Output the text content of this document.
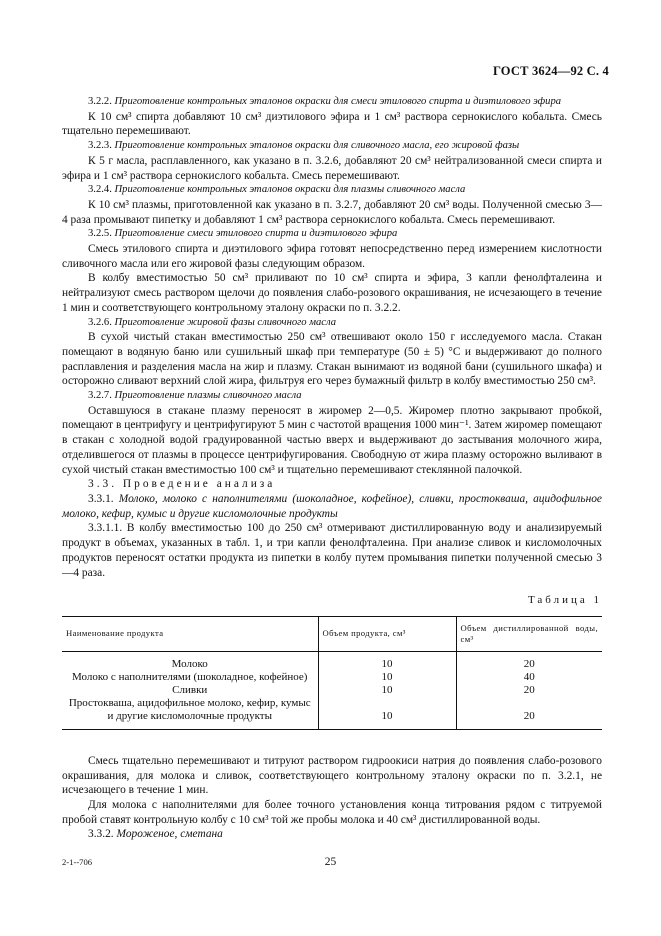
ГОСТ 3624—92 С. 4

3.2.2. Приготовление контрольных эталонов окраски для смеси этилового спирта и диэтилового эфира

К 10 см³ спирта добавляют 10 см³ диэтилового эфира и 1 см³ раствора сернокислого кобальта. Смесь тщательно перемешивают.

3.2.3. Приготовление контрольных эталонов окраски для сливочного масла, его жировой фазы

К 5 г масла, расплавленного, как указано в п. 3.2.6, добавляют 20 см³ нейтрализованной смеси спирта и эфира и 1 см³ раствора сернокислого кобальта. Смесь перемешивают.

3.2.4. Приготовление контрольных эталонов окраски для плазмы сливочного масла

К 10 см³ плазмы, приготовленной как указано в п. 3.2.7, добавляют 20 см³ воды. Полученной смесью 3—4 раза промывают пипетку и добавляют 1 см³ раствора сернокислого кобальта. Смесь перемешивают.

3.2.5. Приготовление смеси этилового спирта и диэтилового эфира

Смесь этилового спирта и диэтилового эфира готовят непосредственно перед измерением кислотности сливочного масла или его жировой фазы следующим образом.

В колбу вместимостью 50 см³ приливают по 10 см³ спирта и эфира, 3 капли фенолфталеина и нейтрализуют смесь раствором щелочи до появления слабо-розового окрашивания, не исчезающего в течение 1 мин и соответствующего контрольному эталону окраски по п. 3.2.2.

3.2.6. Приготовление жировой фазы сливочного масла

В сухой чистый стакан вместимостью 250 см³ отвешивают около 150 г исследуемого масла. Стакан помещают в водяную баню или сушильный шкаф при температуре (50 ± 5) °С и выдерживают до полного расплавления и разделения масла на жир и плазму. Стакан вынимают из водяной бани (сушильного шкафа) и осторожно сливают верхний слой жира, фильтруя его через бумажный фильтр в колбу вместимостью 250 см³.

3.2.7. Приготовление плазмы сливочного масла

Оставшуюся в стакане плазму переносят в жиромер 2—0,5. Жиромер плотно закрывают пробкой, помещают в центрифугу и центрифугируют 5 мин с частотой вращения 1000 мин⁻¹. Затем жиромер помещают в стакан с холодной водой градуированной частью вверх и выдерживают до застывания молочного жира, отделившегося от плазмы в процессе центрифугирования. Свободную от жира плазму осторожно выливают в сухой чистый стакан вместимостью 100 см³ и тщательно перемешивают стеклянной палочкой.

3.3. Проведение анализа

3.3.1. Молоко, молоко с наполнителями (шоколадное, кофейное), сливки, простокваша, ацидофильное молоко, кефир, кумыс и другие кисломолочные продукты

3.3.1.1. В колбу вместимостью 100 до 250 см³ отмеривают дистиллированную воду и анализируемый продукт в объемах, указанных в табл. 1, и три капли фенолфталеина. При анализе сливок и кисломолочных продуктов переносят остатки продукта из пипетки в колбу путем промывания пипетки полученной смесью 3—4 раза.

Таблица 1
Наименование продукта	Объем продукта, см³	Объем дистиллированной воды, см³
Молоко	10	20
Молоко с наполнителями (шоколадное, кофейное)	10	40
Сливки	10	20
Простокваша, ацидофильное молоко, кефир, кумыс и другие кисломолочные продукты	10	20

Смесь тщательно перемешивают и титруют раствором гидроокиси натрия до появления слабо-розового окрашивания, для молока и сливок, соответствующего контрольному эталону окраски по п. 3.2.1, не исчезающего в течение 1 мин.

Для молока с наполнителями для более точного установления конца титрования рядом с титруемой пробой ставят контрольную колбу с 10 см³ той же пробы молока и 40 см³ дистиллированной воды.

3.3.2. Мороженое, сметана

2-1--706	25
